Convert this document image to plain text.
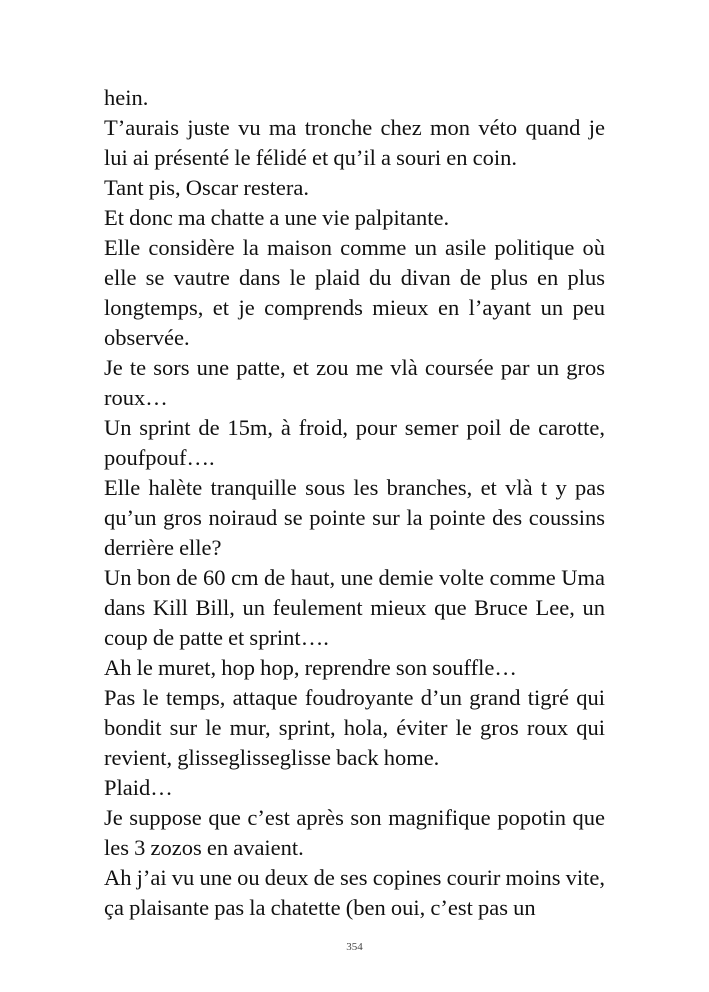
hein.

T’aurais juste vu ma tronche chez mon véto quand je lui ai présenté le félidé et qu’il a souri en coin.

Tant pis, Oscar restera.

Et donc ma chatte a une vie palpitante.

Elle considère la maison comme un asile politique où elle se vautre dans le plaid du divan de plus en plus longtemps, et je comprends mieux en l’ayant un peu observée.

Je te sors une patte, et zou me vlà coursée par un gros roux…

Un sprint de 15m, à froid, pour semer poil de carotte, poufpouf….

Elle halète tranquille sous les branches, et vlà t y pas qu’un gros noiraud se pointe sur la pointe des coussins derrière elle?

Un bon de 60 cm de haut, une demie volte comme Uma dans Kill Bill, un feulement mieux que Bruce Lee, un coup de patte et sprint….

Ah le muret, hop hop, reprendre son souffle…

Pas le temps, attaque foudroyante d’un grand tigré qui bondit sur le mur, sprint, hola, éviter le gros roux qui revient, glisseglisseglisse back home.

Plaid…

Je suppose que c’est après son magnifique popotin que les 3 zozos en avaient.

Ah j’ai vu une ou deux de ses copines courir moins vite, ça plaisante pas la chatette (ben oui, c’est pas un

354
